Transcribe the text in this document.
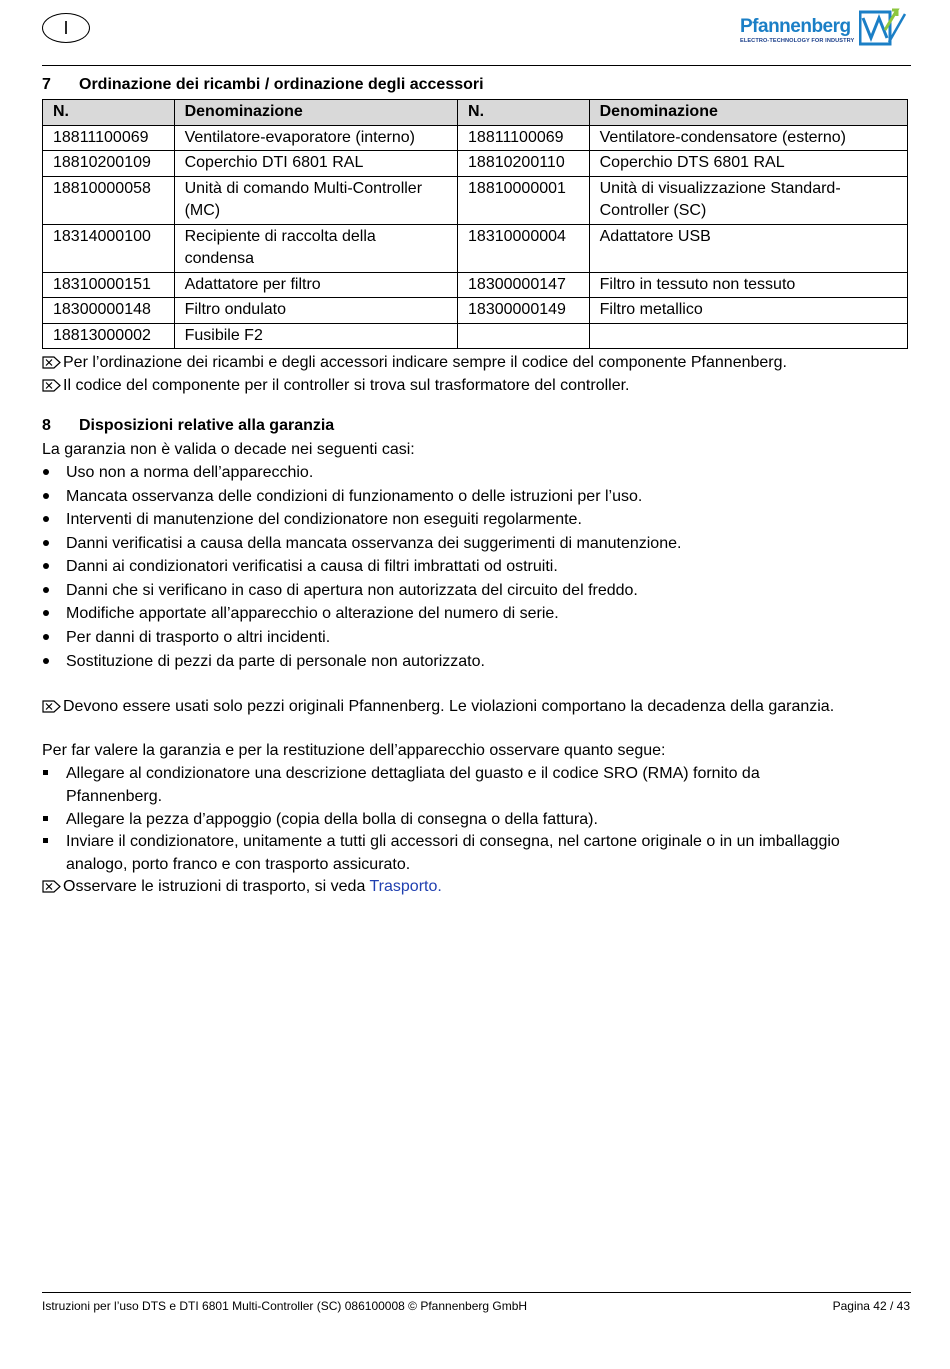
I	Pfannenberg
ELECTRO-TECHNOLOGY FOR INDUSTRY
7 Ordinazione dei ricambi / ordinazione degli accessori
N.	Denominazione	N.	Denominazione
18811100069	Ventilatore-evaporatore (interno)	18811100069	Ventilatore-condensatore (esterno)
18810200109	Coperchio DTI 6801 RAL	18810200110	Coperchio DTS 6801 RAL
18810000058	Unità di comando Multi-Controller (MC)	18810000001	Unità di visualizzazione Standard-Controller (SC)
18314000100	Recipiente di raccolta della condensa	18310000004	Adattatore USB
18310000151	Adattatore per filtro	18300000147	Filtro in tessuto non tessuto
18300000148	Filtro ondulato	18300000149	Filtro metallico
18813000002	Fusibile F2		
Per l’ordinazione dei ricambi e degli accessori indicare sempre il codice del componente Pfannenberg.
Il codice del componente per il controller si trova sul trasformatore del controller.
8 Disposizioni relative alla garanzia
La garanzia non è valida o decade nei seguenti casi:
Uso non a norma dell’apparecchio.
Mancata osservanza delle condizioni di funzionamento o delle istruzioni per l’uso.
Interventi di manutenzione del condizionatore non eseguiti regolarmente.
Danni verificatisi a causa della mancata osservanza dei suggerimenti di manutenzione.
Danni ai condizionatori verificatisi a causa di filtri imbrattati od ostruiti.
Danni che si verificano in caso di apertura non autorizzata del circuito del freddo.
Modifiche apportate all’apparecchio o alterazione del numero di serie.
Per danni di trasporto o altri incidenti.
Sostituzione di pezzi da parte di personale non autorizzato.
Devono essere usati solo pezzi originali Pfannenberg. Le violazioni comportano la decadenza della garanzia.
Per far valere la garanzia e per la restituzione dell’apparecchio osservare quanto segue:
Allegare al condizionatore una descrizione dettagliata del guasto e il codice SRO (RMA) fornito da
Pfannenberg.
Allegare la pezza d’appoggio (copia della bolla di consegna o della fattura).
Inviare il condizionatore, unitamente a tutti gli accessori di consegna, nel cartone originale o in un imballaggio
analogo, porto franco e con trasporto assicurato.
Osservare le istruzioni di trasporto, si veda Trasporto.
Istruzioni per l’uso DTS e DTI 6801 Multi-Controller (SC) 086100008 © Pfannenberg GmbH	Pagina 42 / 43
